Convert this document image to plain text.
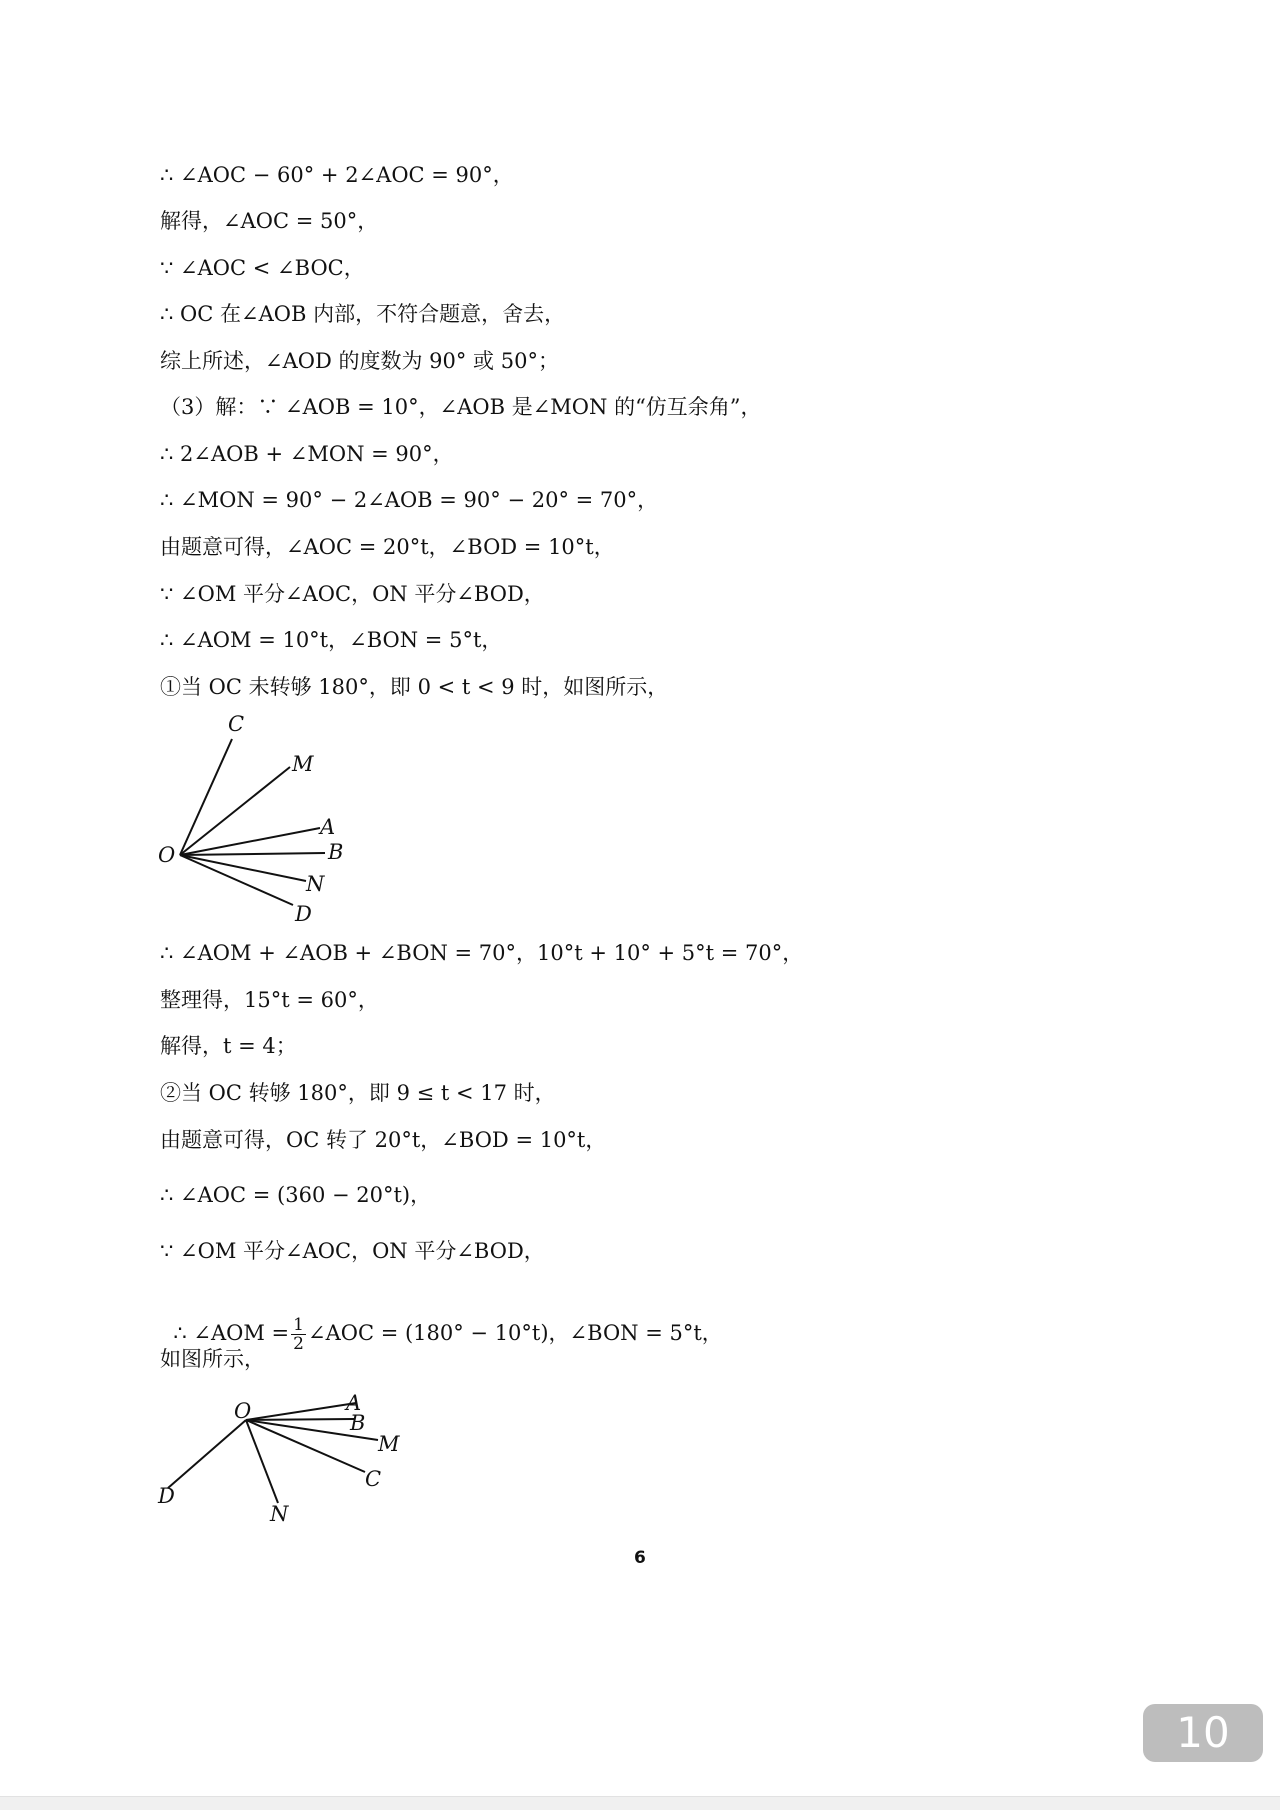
∴ ∠AOC − 60° + 2∠AOC = 90°，
解得，∠AOC = 50°，
∵ ∠AOC < ∠BOC，
∴ OC 在∠AOB 内部，不符合题意，舍去，
综上所述，∠AOD 的度数为 90° 或 50°；
（3）解：∵ ∠AOB = 10°，∠AOB 是∠MON 的“仿互余角”，
∴ 2∠AOB + ∠MON = 90°，
∴ ∠MON = 90° − 2∠AOB = 90° − 20° = 70°，
由题意可得，∠AOC = 20°t，∠BOD = 10°t，
∵ ∠OM 平分∠AOC，ON 平分∠BOD，
∴ ∠AOM = 10°t，∠BON = 5°t，
①当 OC 未转够 180°，即 0 < t < 9 时，如图所示，
C
M
A
B
N
D
O
∴ ∠AOM + ∠AOB + ∠BON = 70°，10°t + 10° + 5°t = 70°，
整理得，15°t = 60°，
解得，t = 4；
②当 OC 转够 180°，即 9 ≤ t < 17 时，
由题意可得，OC 转了 20°t，∠BOD = 10°t，
∴ ∠AOC = (360 − 20°t)，
∵ ∠OM 平分∠AOC，ON 平分∠BOD，

∴ ∠AOM = $\frac{1}{2}$ ∠AOC = (180° − 10°t)，∠BON = 5°t，

如图所示，
O	A
B
M
C
D
N
6
10
